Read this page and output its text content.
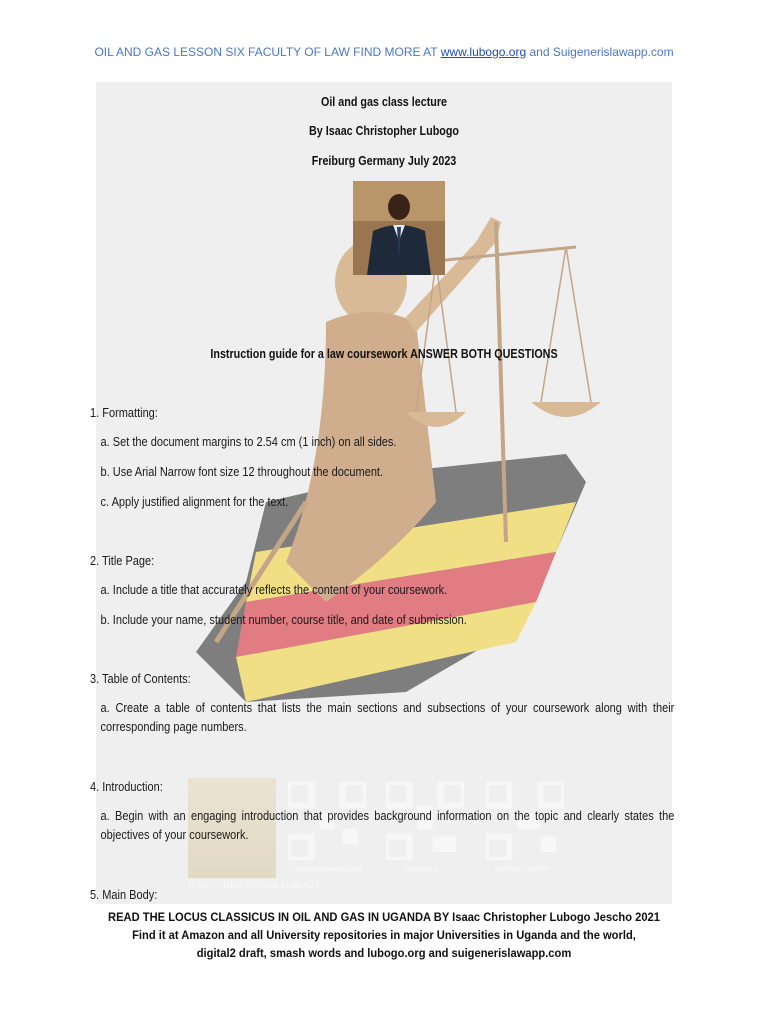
OIL AND GAS LESSON SIX FACULTY OF LAW FIND MORE AT www.lubogo.org and Suigenerislawapp.com
suigenerislawapp.com	lubogo.org	YouTube Channel
ISAAC CHRISTOPHER LUBOGO
Oil and gas class lecture
By Isaac Christopher Lubogo
Freiburg Germany July 2023
Instruction guide for a law coursework ANSWER BOTH QUESTIONS
1. Formatting:
a. Set the document margins to 2.54 cm (1 inch) on all sides.
b. Use Arial Narrow font size 12 throughout the document.
c. Apply justified alignment for the text.
2. Title Page:
a. Include a title that accurately reflects the content of your coursework.
b. Include your name, student number, course title, and date of submission.
3. Table of Contents:
a. Create a table of contents that lists the main sections and subsections of your coursework along with their corresponding page numbers.
4. Introduction:
a. Begin with an engaging introduction that provides background information on the topic and clearly states the objectives of your coursework.
5. Main Body:
READ THE LOCUS CLASSICUS IN OIL AND GAS IN UGANDA BY Isaac Christopher Lubogo Jescho 2021
Find it at Amazon and all University repositories in major Universities in Uganda and the world,
digital2 draft, smash words and lubogo.org and suigenerislawapp.com
